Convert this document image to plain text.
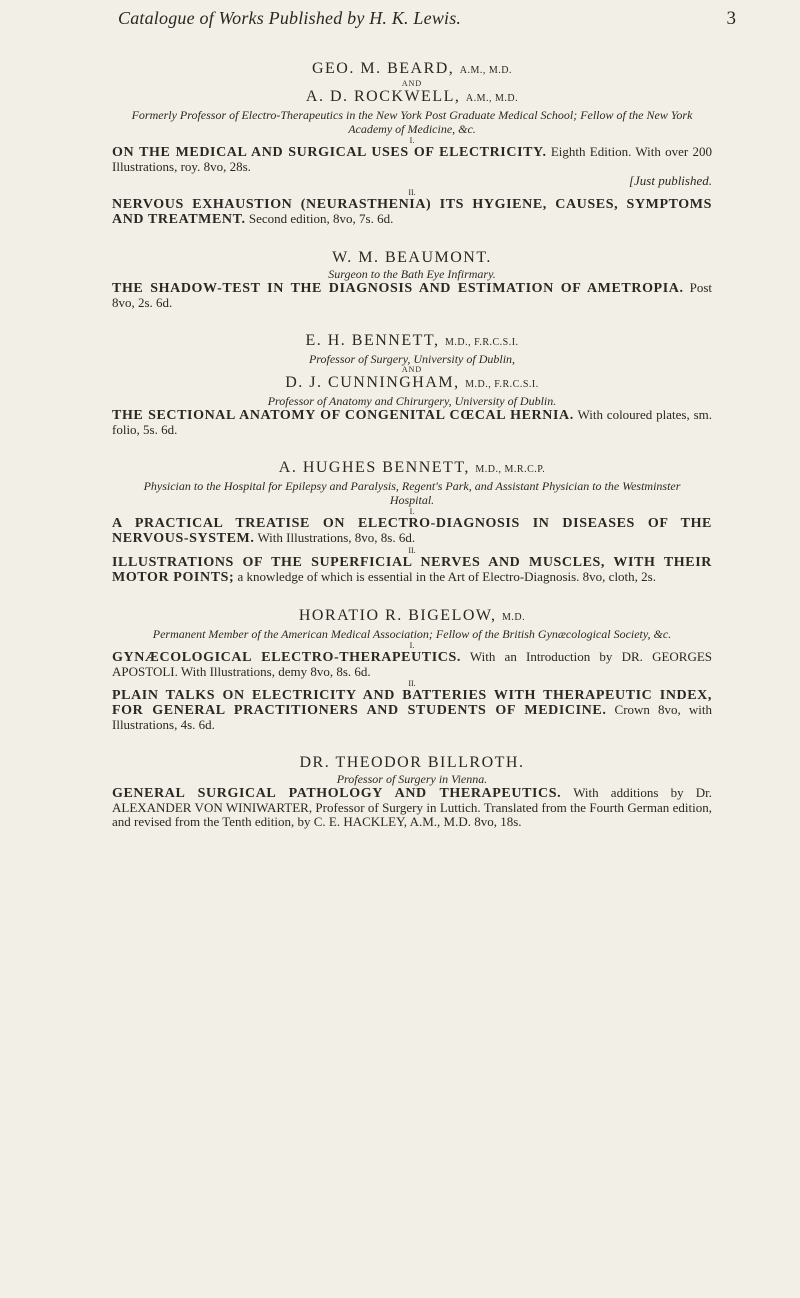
Catalogue of Works Published by H. K. Lewis.	3

GEO. M. BEARD, A.M., M.D.

AND

A. D. ROCKWELL, A.M., M.D.

Formerly Professor of Electro-Therapeutics in the New York Post Graduate Medical School; Fellow of the New York Academy of Medicine, &c.

I.

ON THE MEDICAL AND SURGICAL USES OF ELECTRICITY. Eighth Edition. With over 200 Illustrations, roy. 8vo, 28s.

[Just published.

II.

NERVOUS EXHAUSTION (NEURASTHENIA) ITS HYGIENE, CAUSES, SYMPTOMS AND TREATMENT. Second edition, 8vo, 7s. 6d.

W. M. BEAUMONT.

Surgeon to the Bath Eye Infirmary.

THE SHADOW-TEST IN THE DIAGNOSIS AND ESTIMATION OF AMETROPIA. Post 8vo, 2s. 6d.

E. H. BENNETT, M.D., F.R.C.S.I.

Professor of Surgery, University of Dublin,

AND

D. J. CUNNINGHAM, M.D., F.R.C.S.I.

Professor of Anatomy and Chirurgery, University of Dublin.

THE SECTIONAL ANATOMY OF CONGENITAL CŒCAL HERNIA. With coloured plates, sm. folio, 5s. 6d.

A. HUGHES BENNETT, M.D., M.R.C.P.

Physician to the Hospital for Epilepsy and Paralysis, Regent's Park, and Assistant Physician to the Westminster Hospital.

I.

A PRACTICAL TREATISE ON ELECTRO-DIAGNOSIS IN DISEASES OF THE NERVOUS-SYSTEM. With Illustrations, 8vo, 8s. 6d.

II.

ILLUSTRATIONS OF THE SUPERFICIAL NERVES AND MUSCLES, WITH THEIR MOTOR POINTS; a knowledge of which is essential in the Art of Electro-Diagnosis. 8vo, cloth, 2s.

HORATIO R. BIGELOW, M.D.

Permanent Member of the American Medical Association; Fellow of the British Gynæcological Society, &c.

I.

GYNÆCOLOGICAL ELECTRO-THERAPEUTICS. With an Introduction by DR. GEORGES APOSTOLI. With Illustrations, demy 8vo, 8s. 6d.

II.

PLAIN TALKS ON ELECTRICITY AND BATTERIES WITH THERAPEUTIC INDEX, FOR GENERAL PRACTITIONERS AND STUDENTS OF MEDICINE. Crown 8vo, with Illustrations, 4s. 6d.

DR. THEODOR BILLROTH.

Professor of Surgery in Vienna.

GENERAL SURGICAL PATHOLOGY AND THERAPEUTICS. With additions by Dr. ALEXANDER VON WINIWARTER, Professor of Surgery in Luttich. Translated from the Fourth German edition, and revised from the Tenth edition, by C. E. HACKLEY, A.M., M.D. 8vo, 18s.
